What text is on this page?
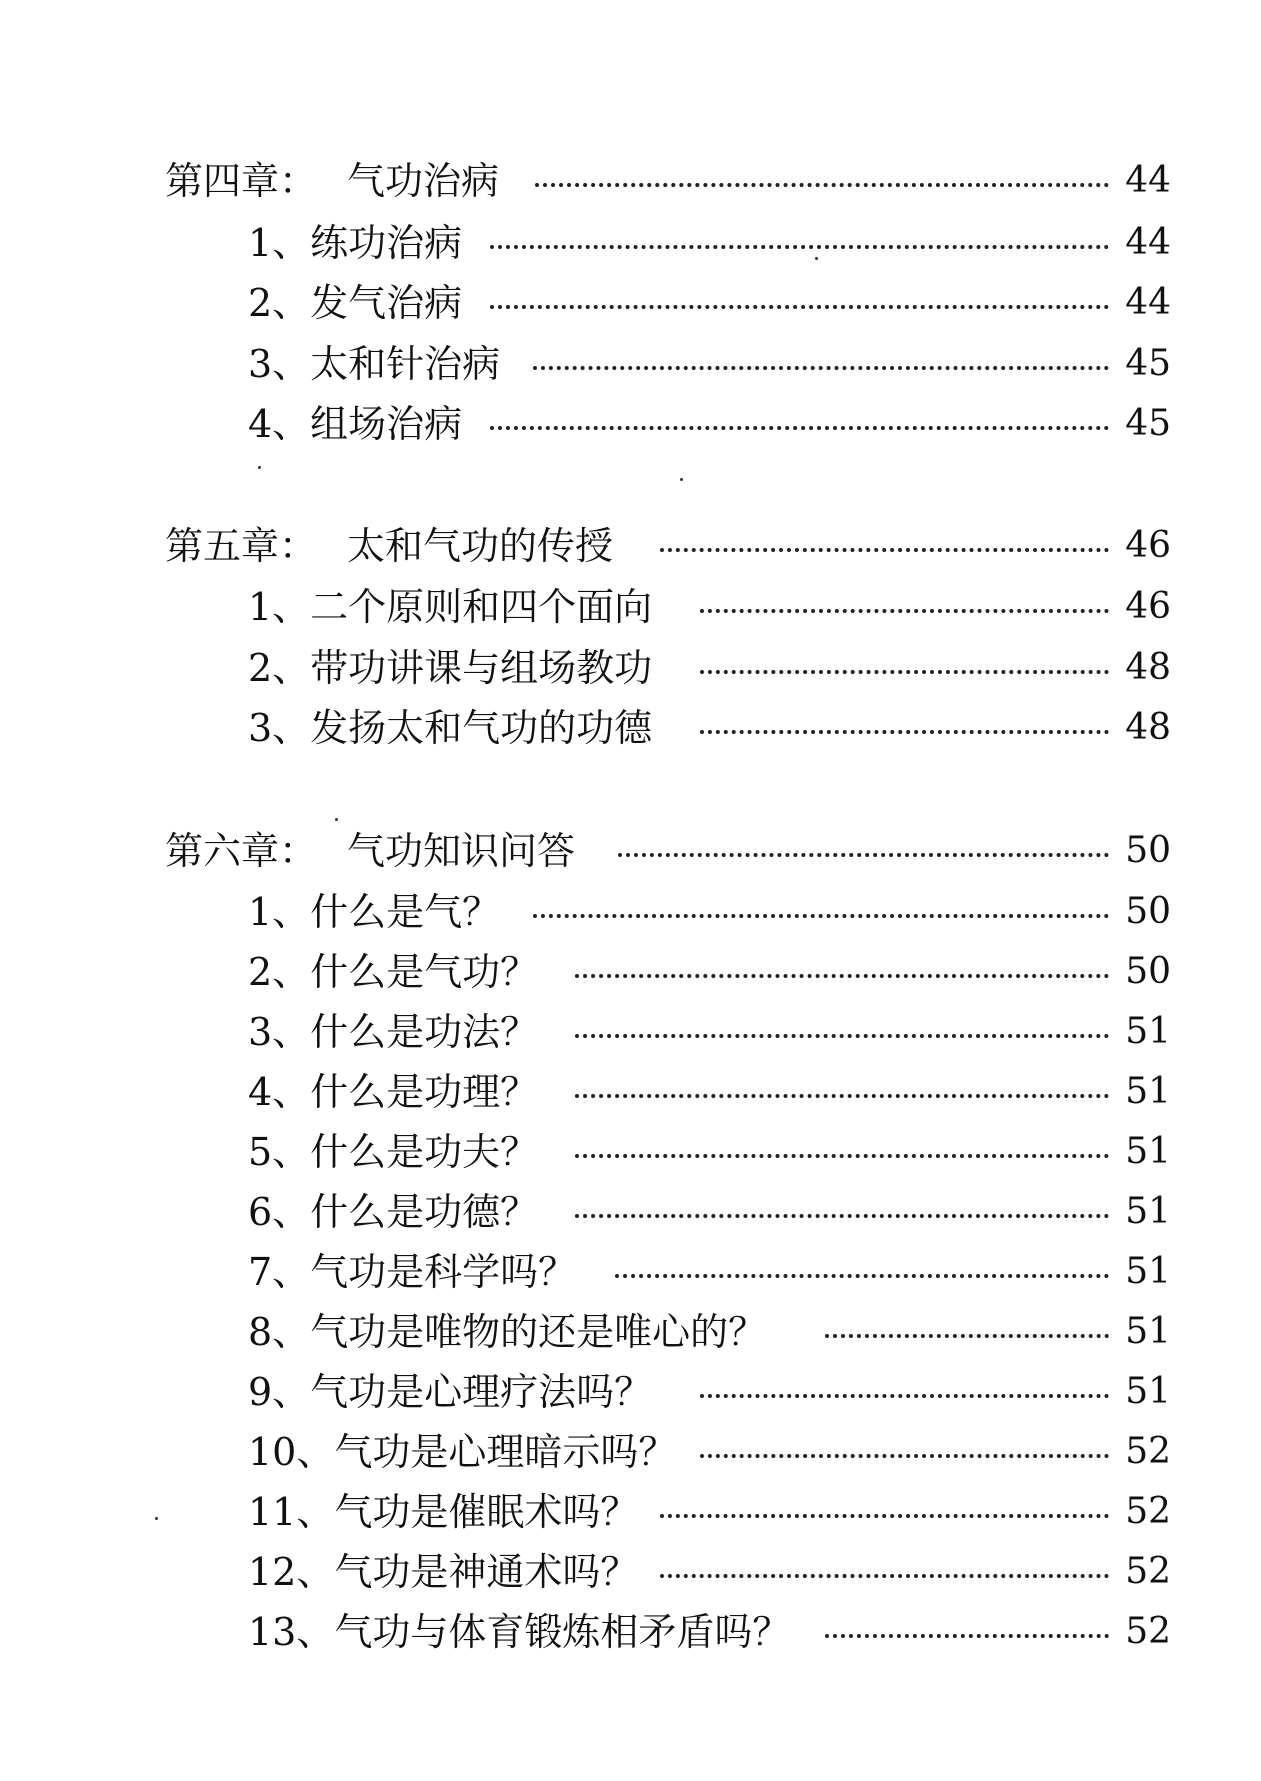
第四章： 气功治病	44
1、练功治病	44
2、发气治病	44
3、太和针治病	45
4、组场治病	45
第五章： 太和气功的传授	46
1、二个原则和四个面向	46
2、带功讲课与组场教功	48
3、发扬太和气功的功德	48
第六章： 气功知识问答	50
1、什么是气？	50
2、什么是气功？	50
3、什么是功法？	51
4、什么是功理？	51
5、什么是功夫？	51
6、什么是功德？	51
7、气功是科学吗？	51
8、气功是唯物的还是唯心的？	51
9、气功是心理疗法吗？	51
10、气功是心理暗示吗？	52
11、气功是催眠术吗？	52
12、气功是神通术吗？	52
13、气功与体育锻炼相矛盾吗？	52
